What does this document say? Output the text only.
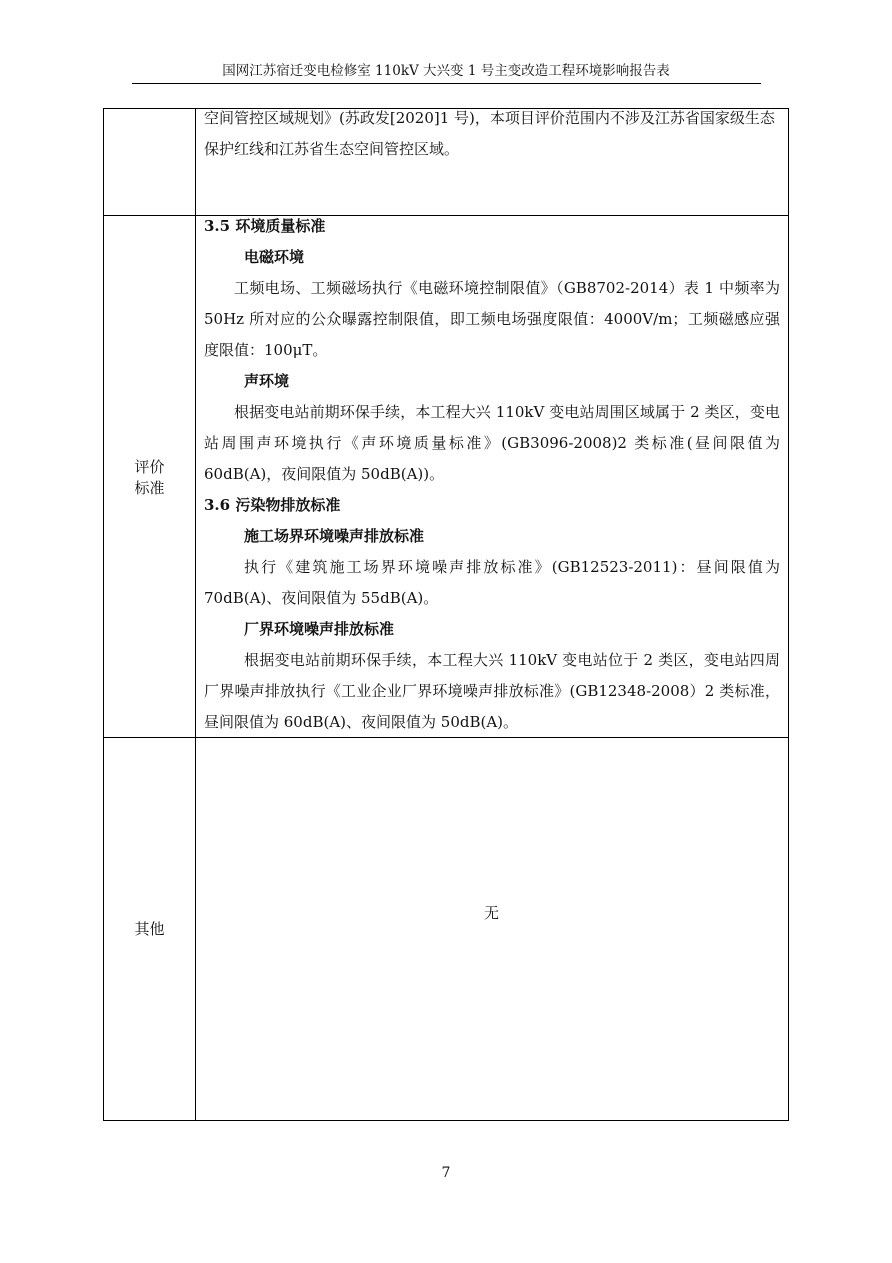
国网江苏宿迁变电检修室 110kV 大兴变 1 号主变改造工程环境影响报告表

空间管控区域规划》(苏政发[2020]1 号)，本项目评价范围内不涉及江苏省国家级生态

保护红线和江苏省生态空间管控区域。

评价
标准

3.5 环境质量标准

电磁环境

工频电场、工频磁场执行《电磁环境控制限值》（GB8702-2014）表 1 中频率为 50Hz 所对应的公众曝露控制限值，即工频电场强度限值：4000V/m；工频磁感应强度限值：100μT。

声环境

根据变电站前期环保手续，本工程大兴 110kV 变电站周围区域属于 2 类区，变电站周围声环境执行《声环境质量标准》(GB3096-2008)2 类标准(昼间限值为 60dB(A)，夜间限值为 50dB(A))。

3.6 污染物排放标准

施工场界环境噪声排放标准

执行《建筑施工场界环境噪声排放标准》(GB12523-2011)：昼间限值为 70dB(A)、夜间限值为 55dB(A)。

厂界环境噪声排放标准

根据变电站前期环保手续，本工程大兴 110kV 变电站位于 2 类区，变电站四周厂界噪声排放执行《工业企业厂界环境噪声排放标准》(GB12348-2008）2 类标准，昼间限值为 60dB(A)、夜间限值为 50dB(A)。

其他
无
7
